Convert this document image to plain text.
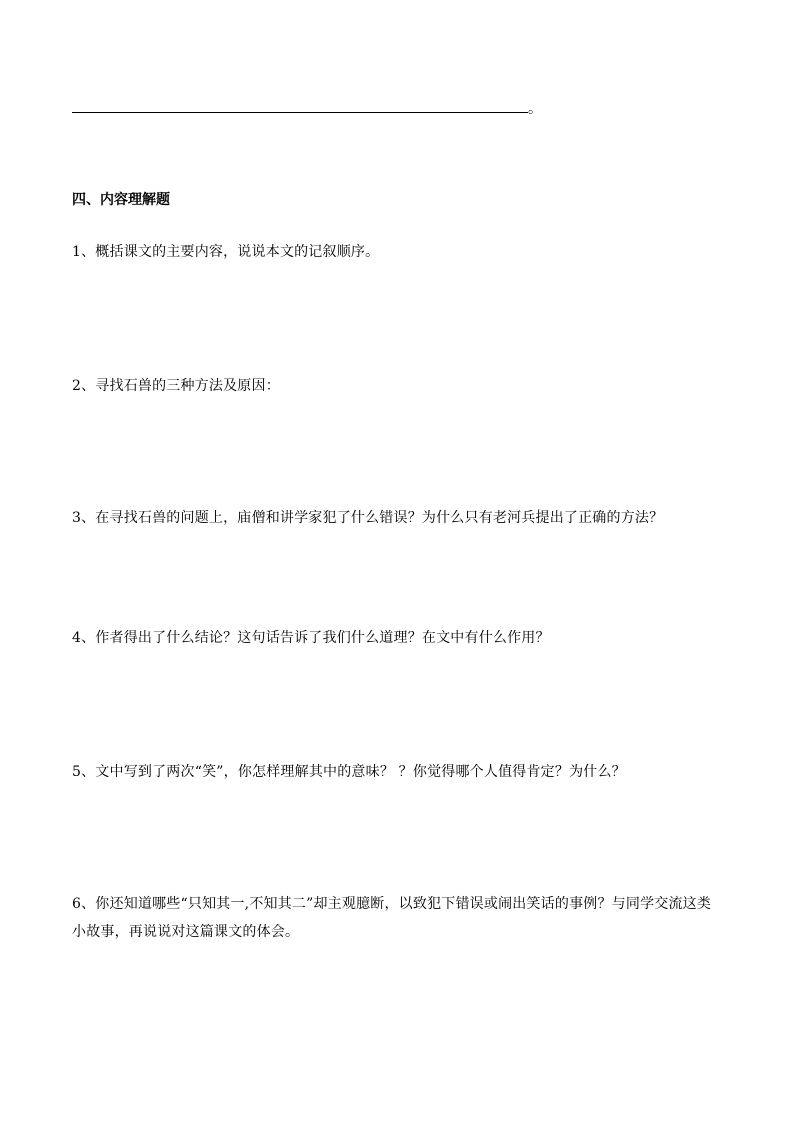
。
四、内容理解题

1、概括课文的主要内容，说说本文的记叙顺序。

2、寻找石兽的三种方法及原因：

3、在寻找石兽的问题上，庙僧和讲学家犯了什么错误？为什么只有老河兵提出了正确的方法？

4、作者得出了什么结论？这句话告诉了我们什么道理？在文中有什么作用？

5、文中写到了两次“笑”，你怎样理解其中的意味？ ？你觉得哪个人值得肯定？为什么？

6、你还知道哪些“只知其一,不知其二”却主观臆断，以致犯下错误或闹出笑话的事例？与同学交流这类小故事，再说说对这篇课文的体会。
